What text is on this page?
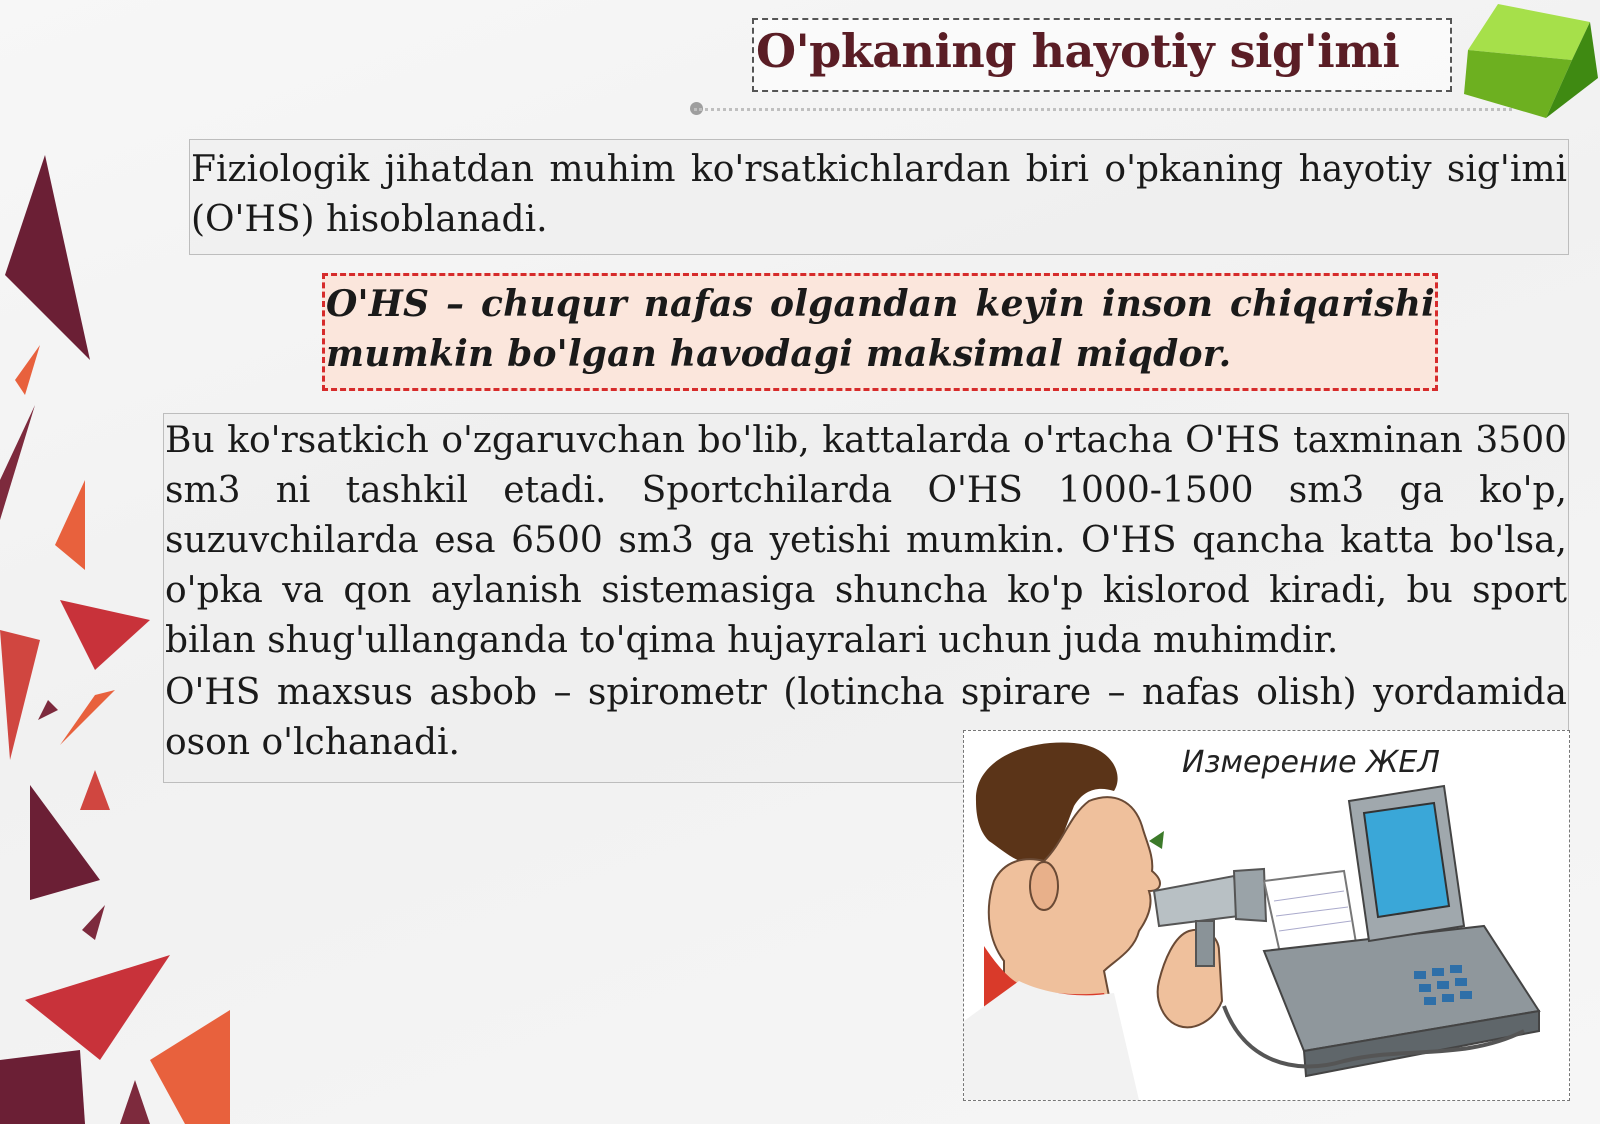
O'pkaning hayotiy sig'imi

Fiziologik jihatdan muhim ko'rsatkichlardan biri o'pkaning hayotiy sig'imi (O'HS) hisoblanadi.

O'HS – chuqur nafas olgandan keyin inson chiqarishi mumkin bo'lgan havodagi maksimal miqdor.

Bu ko'rsatkich o'zgaruvchan bo'lib, kattalarda o'rtacha O'HS taxminan 3500 sm3 ni tashkil etadi. Sportchilarda O'HS 1000-1500 sm3 ga ko'p, suzuvchilarda esa 6500 sm3 ga yetishi mumkin. O'HS qancha katta bo'lsa, o'pka va qon aylanish sistemasiga shuncha ko'p kislorod kiradi, bu sport bilan shug'ullanganda to'qima hujayralari uchun juda muhimdir.

O'HS maxsus asbob – spirometr (lotincha spirare – nafas olish) yordamida oson o'lchanadi.	Измерение ЖЕЛ
